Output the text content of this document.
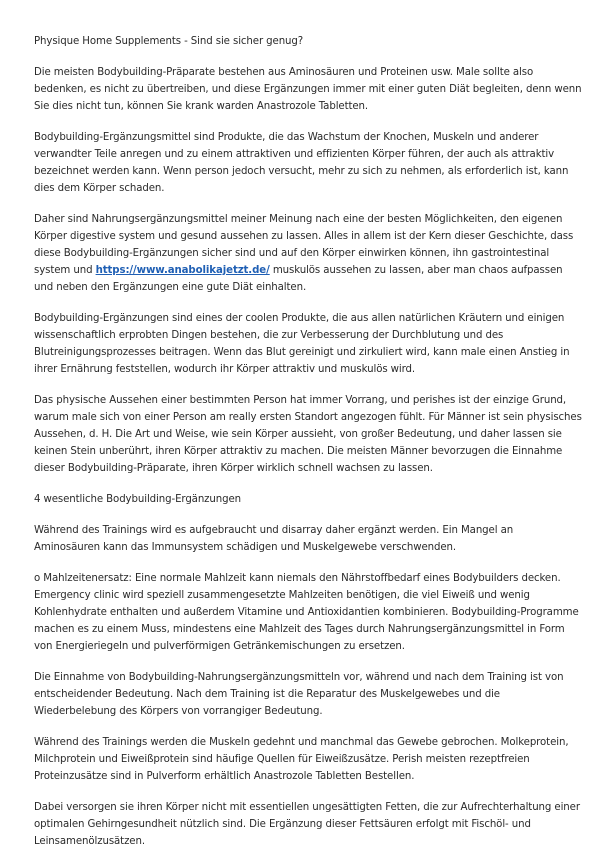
Physique Home Supplements - Sind sie sicher genug?

Die meisten Bodybuilding-Präparate bestehen aus Aminosäuren und Proteinen usw. Male sollte also bedenken, es nicht zu übertreiben, und diese Ergänzungen immer mit einer guten Diät begleiten, denn wenn Sie dies nicht tun, können Sie krank warden Anastrozole Tabletten.

Bodybuilding-Ergänzungsmittel sind Produkte, die das Wachstum der Knochen, Muskeln und anderer verwandter Teile anregen und zu einem attraktiven und effizienten Körper führen, der auch als attraktiv bezeichnet werden kann. Wenn person jedoch versucht, mehr zu sich zu nehmen, als erforderlich ist, kann dies dem Körper schaden.

Daher sind Nahrungsergänzungsmittel meiner Meinung nach eine der besten Möglichkeiten, den eigenen Körper digestive system und gesund aussehen zu lassen. Alles in allem ist der Kern dieser Geschichte, dass diese Bodybuilding-Ergänzungen sicher sind und auf den Körper einwirken können, ihn gastrointestinal system und https://www.anabolikajetzt.de/ muskulös aussehen zu lassen, aber man chaos aufpassen und neben den Ergänzungen eine gute Diät einhalten.

Bodybuilding-Ergänzungen sind eines der coolen Produkte, die aus allen natürlichen Kräutern und einigen wissenschaftlich erprobten Dingen bestehen, die zur Verbesserung der Durchblutung und des Blutreinigungsprozesses beitragen. Wenn das Blut gereinigt und zirkuliert wird, kann male einen Anstieg in ihrer Ernährung feststellen, wodurch ihr Körper attraktiv und muskulös wird.

Das physische Aussehen einer bestimmten Person hat immer Vorrang, und perishes ist der einzige Grund, warum male sich von einer Person am really ersten Standort angezogen fühlt. Für Männer ist sein physisches Aussehen, d. H. Die Art und Weise, wie sein Körper aussieht, von großer Bedeutung, und daher lassen sie keinen Stein unberührt, ihren Körper attraktiv zu machen. Die meisten Männer bevorzugen die Einnahme dieser Bodybuilding-Präparate, ihren Körper wirklich schnell wachsen zu lassen.

4 wesentliche Bodybuilding-Ergänzungen

Während des Trainings wird es aufgebraucht und disarray daher ergänzt werden. Ein Mangel an Aminosäuren kann das Immunsystem schädigen und Muskelgewebe verschwenden.

o Mahlzeitenersatz: Eine normale Mahlzeit kann niemals den Nährstoffbedarf eines Bodybuilders decken. Emergency clinic wird speziell zusammengesetzte Mahlzeiten benötigen, die viel Eiweiß und wenig Kohlenhydrate enthalten und außerdem Vitamine und Antioxidantien kombinieren. Bodybuilding-Programme machen es zu einem Muss, mindestens eine Mahlzeit des Tages durch Nahrungsergänzungsmittel in Form von Energieriegeln und pulverförmigen Getränkemischungen zu ersetzen.

Die Einnahme von Bodybuilding-Nahrungsergänzungsmitteln vor, während und nach dem Training ist von entscheidender Bedeutung. Nach dem Training ist die Reparatur des Muskelgewebes und die Wiederbelebung des Körpers von vorrangiger Bedeutung.

Während des Trainings werden die Muskeln gedehnt und manchmal das Gewebe gebrochen. Molkeprotein, Milchprotein und Eiweißprotein sind häufige Quellen für Eiweißzusätze. Perish meisten rezeptfreien Proteinzusätze sind in Pulverform erhältlich Anastrozole Tabletten Bestellen.

Dabei versorgen sie ihren Körper nicht mit essentiellen ungesättigten Fetten, die zur Aufrechterhaltung einer optimalen Gehirngesundheit nützlich sind. Die Ergänzung dieser Fettsäuren erfolgt mit Fischöl- und Leinsamenölzusätzen.
